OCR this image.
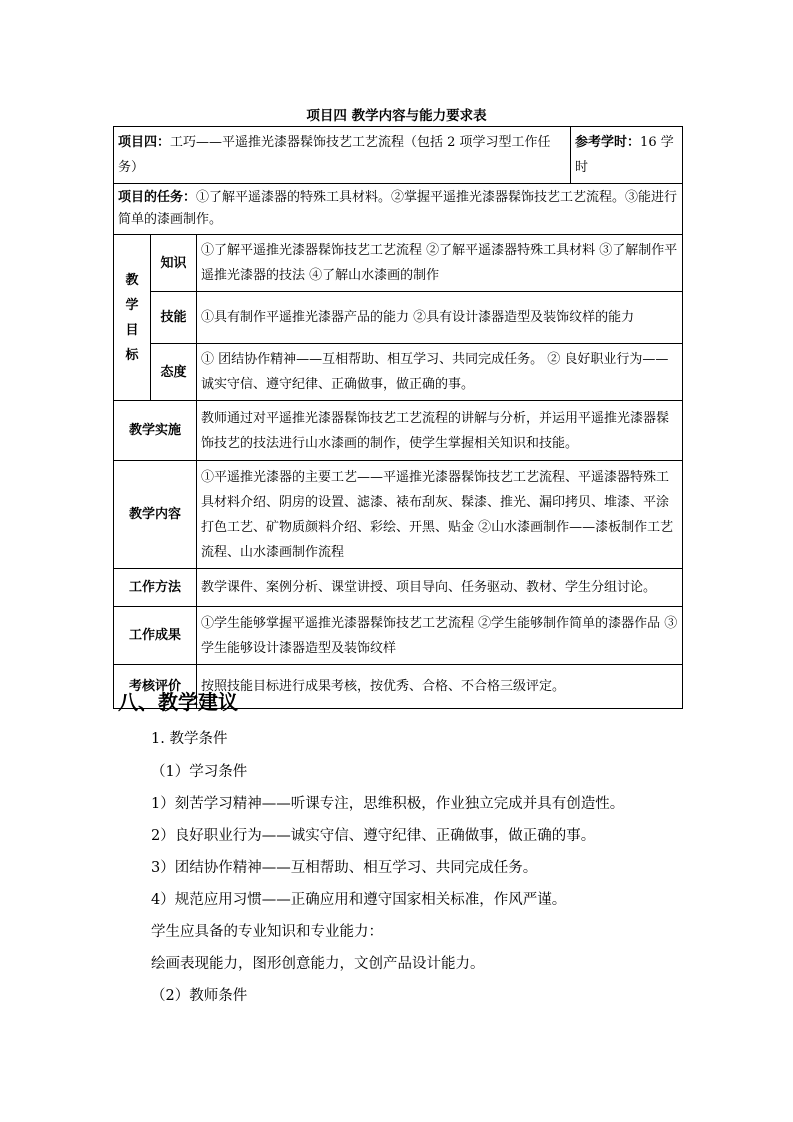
项目四 教学内容与能力要求表
项目四：工巧——平遥推光漆器髹饰技艺工艺流程（包括 2 项学习型工作任务）			参考学时：16 学时
项目的任务：①了解平遥漆器的特殊工具材料。②掌握平遥推光漆器髹饰技艺工艺流程。③能进行简单的漆画制作。			

教
学
目
标	知识	①了解平遥推光漆器髹饰技艺工艺流程 ②了解平遥漆器特殊工具材料 ③了解制作平遥推光漆器的技法 ④了解山水漆画的制作	
	技能	①具有制作平遥推光漆器产品的能力 ②具有设计漆器造型及装饰纹样的能力	
	态度	① 团结协作精神——互相帮助、相互学习、共同完成任务。 ② 良好职业行为——诚实守信、遵守纪律、正确做事，做正确的事。	
教学实施		教师通过对平遥推光漆器髹饰技艺工艺流程的讲解与分析，并运用平遥推光漆器髹饰技艺的技法进行山水漆画的制作，使学生掌握相关知识和技能。	
教学内容		①平遥推光漆器的主要工艺——平遥推光漆器髹饰技艺工艺流程、平遥漆器特殊工具材料介绍、阴房的设置、滤漆、裱布刮灰、髹漆、推光、漏印拷贝、堆漆、平涂打色工艺、矿物质颜料介绍、彩绘、开黑、贴金 ②山水漆画制作——漆板制作工艺流程、山水漆画制作流程	
工作方法		教学课件、案例分析、课堂讲授、项目导向、任务驱动、教材、学生分组讨论。	
工作成果		①学生能够掌握平遥推光漆器髹饰技艺工艺流程 ②学生能够制作简单的漆器作品 ③学生能够设计漆器造型及装饰纹样	
考核评价		按照技能目标进行成果考核，按优秀、合格、不合格三级评定。	
八、教学建议
1. 教学条件
（1）学习条件
1）刻苦学习精神——听课专注，思维积极，作业独立完成并具有创造性。
2）良好职业行为——诚实守信、遵守纪律、正确做事，做正确的事。
3）团结协作精神——互相帮助、相互学习、共同完成任务。
4）规范应用习惯——正确应用和遵守国家相关标准，作风严谨。
学生应具备的专业知识和专业能力：
绘画表现能力，图形创意能力，文创产品设计能力。
（2）教师条件
